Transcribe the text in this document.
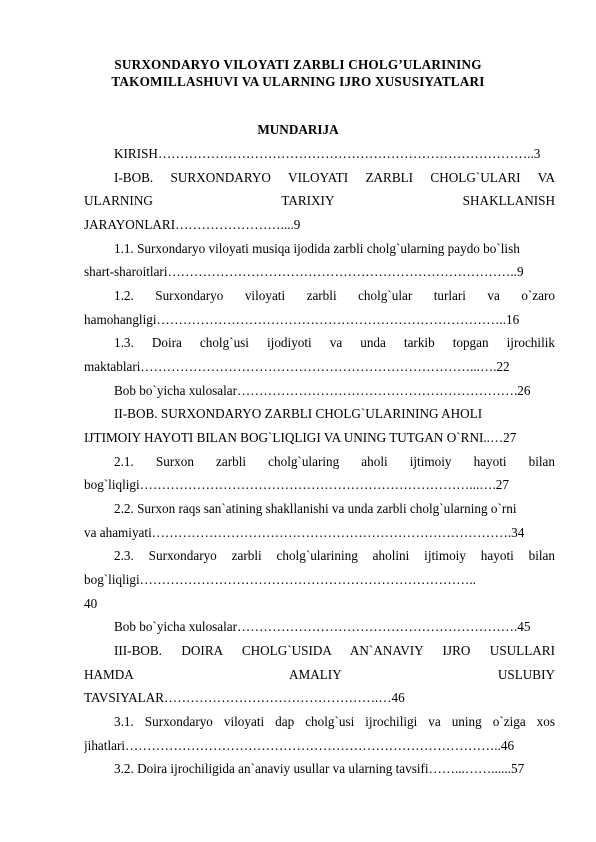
SURXONDARYO VILOYATI ZARBLI CHOLG’ULARINING
TAKOMILLASHUVI VA ULARNING IJRO XUSUSIYATLARI
MUNDARIJA
KIRISH…………………………………………………………………………..3
I-BOB. SURXONDARYO VILOYATI ZARBLI CHOLG`ULARI VA
ULARNING TARIXIY SHAKLLANISH
JARAYONLARI……………………....9
1.1. Surxondaryo viloyati musiqa ijodida zarbli cholg`ularning paydo bo`lish
shart-sharoitlari……………………………………………………………………..9
1.2. Surxondaryo viloyati zarbli cholg`ular turlari va o`zaro
hamohangligi……………………………………………………………………..16
1.3. Doira cholg`usi ijodiyoti va unda tarkib topgan ijrochilik
maktablari…………………………………………………………………...….22
Bob bo`yicha xulosalar……………………………………………………….26
II-BOB. SURXONDARYO ZARBLI CHOLG`ULARINING AHOLI
IJTIMOIY HAYOTI BILAN BOG`LIQLIGI VA UNING TUTGAN O`RNI..…27
2.1. Surxon zarbli cholg`ularing aholi ijtimoiy hayoti bilan
bog`liqligi…………………………………………………………………...….27
2.2. Surxon raqs san`atining shakllanishi va unda zarbli cholg`ularning o`rni
va ahamiyati……………………………………………………………………….34
2.3. Surxondaryo zarbli cholg`ularining aholini ijtimoiy hayoti bilan
bog`liqligi…………………………………………………………………..
40
Bob bo`yicha xulosalar……………………………………………………….45
III-BOB. DOIRA CHOLG`USIDA AN`ANAVIY IJRO USULLARI
HAMDA AMALIY USLUBIY
TAVSIYALAR………………………………………….…46
3.1. Surxondaryo viloyati dap cholg`usi ijrochiligi va uning o`ziga xos
jihatlari…………………………………………………………………………..46
3.2. Doira ijrochiligida an`anaviy usullar va ularning tavsifi……...……......57
